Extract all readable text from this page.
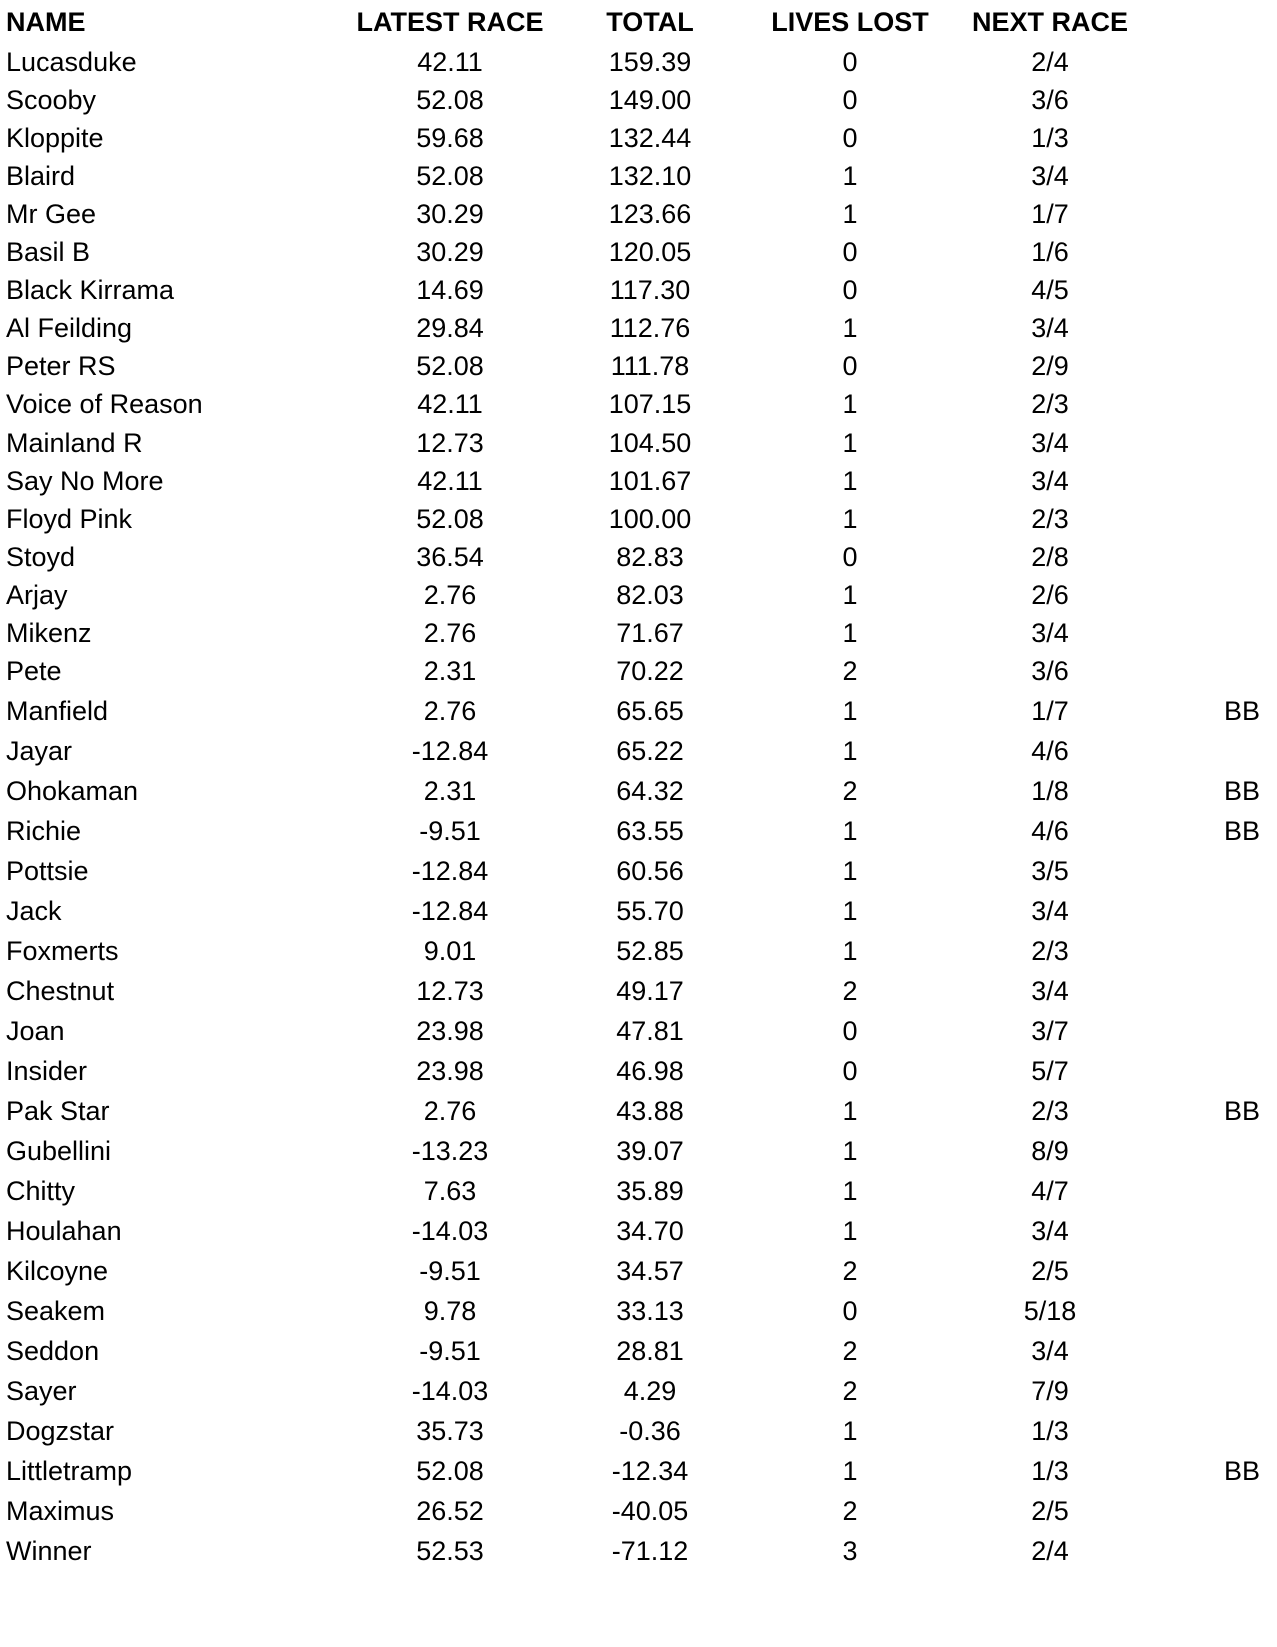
NAME	LATEST RACE	TOTAL	LIVES LOST	NEXT RACE
Lucasduke	42.11	159.39	0	2/4
Scooby	52.08	149.00	0	3/6
Kloppite	59.68	132.44	0	1/3
Blaird	52.08	132.10	1	3/4
Mr Gee	30.29	123.66	1	1/7
Basil B	30.29	120.05	0	1/6
Black Kirrama	14.69	117.30	0	4/5
Al Feilding	29.84	112.76	1	3/4
Peter RS	52.08	111.78	0	2/9
Voice of Reason	42.11	107.15	1	2/3
Mainland R	12.73	104.50	1	3/4
Say No More	42.11	101.67	1	3/4
Floyd Pink	52.08	100.00	1	2/3
Stoyd	36.54	82.83	0	2/8
Arjay	2.76	82.03	1	2/6
Mikenz	2.76	71.67	1	3/4
Pete	2.31	70.22	2	3/6
Manfield	2.76	65.65	1	1/7	BB
Jayar	-12.84	65.22	1	4/6
Ohokaman	2.31	64.32	2	1/8	BB
Richie	-9.51	63.55	1	4/6	BB
Pottsie	-12.84	60.56	1	3/5
Jack	-12.84	55.70	1	3/4
Foxmerts	9.01	52.85	1	2/3
Chestnut	12.73	49.17	2	3/4
Joan	23.98	47.81	0	3/7
Insider	23.98	46.98	0	5/7
Pak Star	2.76	43.88	1	2/3	BB
Gubellini	-13.23	39.07	1	8/9
Chitty	7.63	35.89	1	4/7
Houlahan	-14.03	34.70	1	3/4
Kilcoyne	-9.51	34.57	2	2/5
Seakem	9.78	33.13	0	5/18
Seddon	-9.51	28.81	2	3/4
Sayer	-14.03	4.29	2	7/9
Dogzstar	35.73	-0.36	1	1/3
Littletramp	52.08	-12.34	1	1/3	BB
Maximus	26.52	-40.05	2	2/5
Winner	52.53	-71.12	3	2/4
